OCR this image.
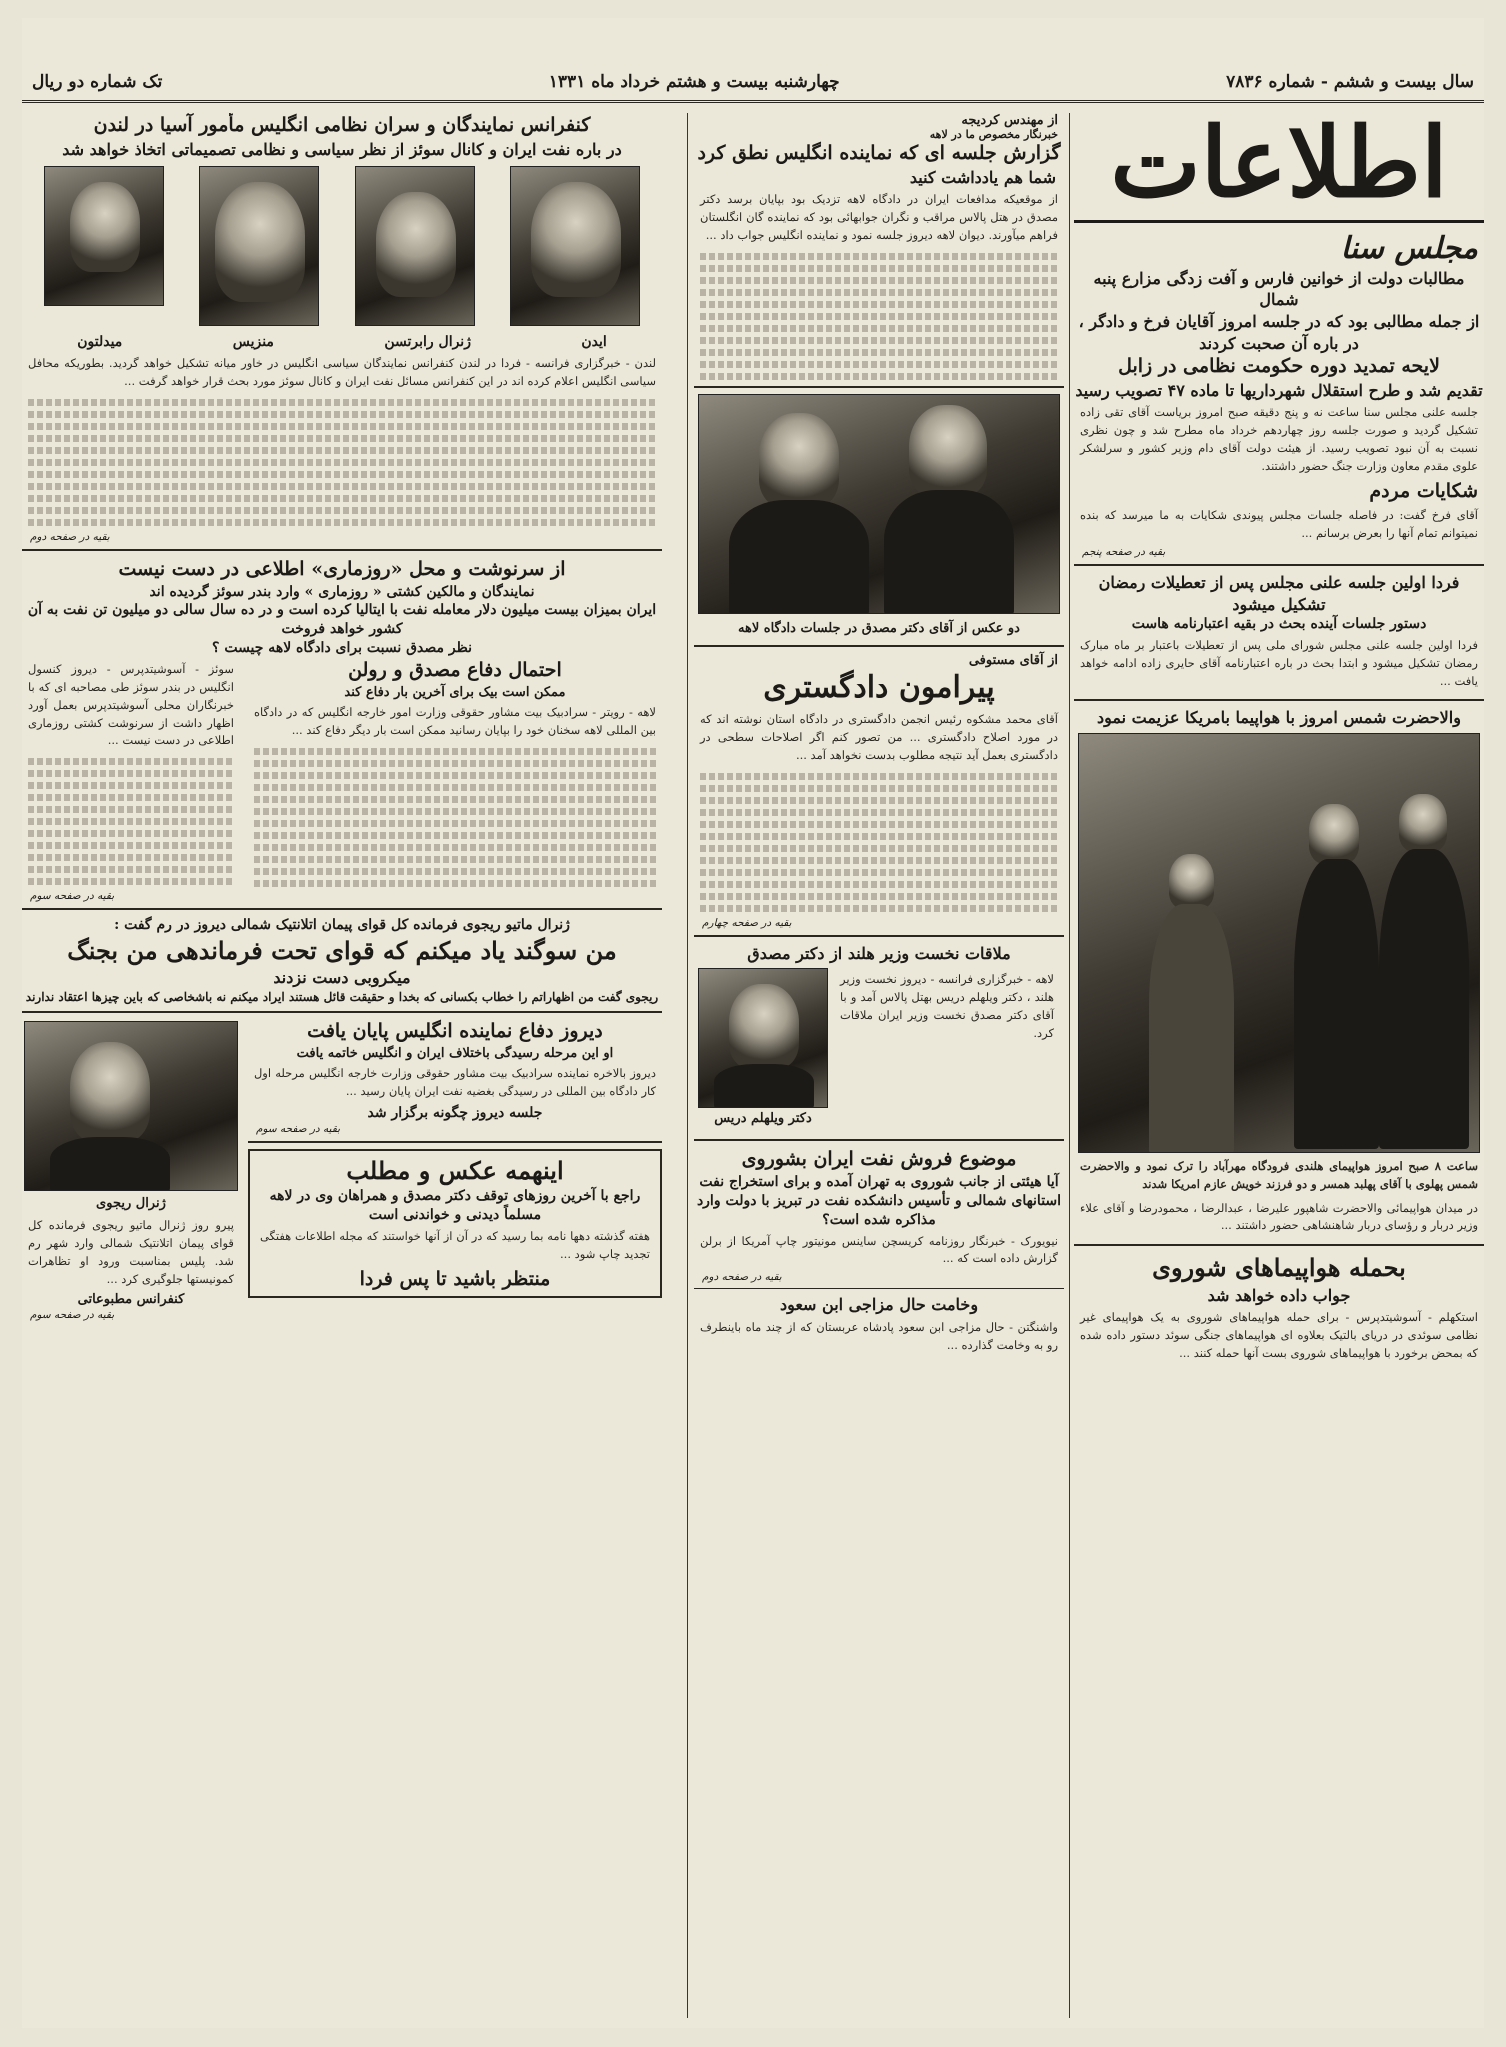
سال بیست و ششم - شماره ۷۸۳۶
چهارشنبه بیست و هشتم خرداد ماه ۱۳۳۱
تک شماره دو ریال
اطلاعات
مجلس سنا
مطالبات دولت از خوانین فارس و آفت زدگی مزارع پنبه شمال
از جمله مطالبی بود که در جلسه امروز آقایان فرخ و دادگر ، در باره آن صحبت کردند
لایحه تمدید دوره حکومت نظامی در زابل
تقدیم شد و طرح استقلال شهرداریها تا ماده ۴۷ تصویب رسید
جلسه علنی مجلس سنا ساعت نه و پنج دقیقه صبح امروز بریاست آقای تقی زاده تشکیل گردید و صورت جلسه روز چهاردهم خرداد ماه مطرح شد و چون نظری نسبت به آن نبود تصویب رسید. از هیئت دولت آقای دام وزیر کشور و سرلشکر علوی مقدم معاون وزارت جنگ حضور داشتند.
شکایات مردم
آقای فرخ گفت: در فاصله جلسات مجلس پیوندی شکایات به ما میرسد که بنده نمیتوانم تمام آنها را بعرض برسانم ...
بقیه در صفحه پنجم
فردا اولین جلسه علنی مجلس پس از تعطیلات رمضان تشکیل میشود
دستور جلسات آینده بحث در بقیه اعتبارنامه هاست
فردا اولین جلسه علنی مجلس شورای ملی پس از تعطیلات باعتبار بر ماه مبارک رمضان تشکیل میشود و ابتدا بحث در باره اعتبارنامه آقای حایری زاده ادامه خواهد یافت ...
والاحضرت شمس امروز با هواپیما بامریکا عزیمت نمود
ساعت ۸ صبح امروز هواپیمای هلندی فرودگاه مهرآباد را ترک نمود و والاحضرت شمس پهلوی با آقای پهلبد همسر و دو فرزند خویش عازم امریکا شدند
در میدان هواپیمائی والاحضرت شاهپور علیرضا ، عبدالرضا ، محمودرضا و آقای علاء وزیر دربار و رؤسای دربار شاهنشاهی حضور داشتند ...
بحمله هواپیماهای شوروی
جواب داده خواهد شد
استکهلم - آسوشیتدپرس - برای حمله هواپیماهای شوروی به یک هواپیمای غیر نظامی سوئدی در دریای بالتیک بعلاوه ای هواپیماهای جنگی سوئد دستور داده شده که بمحض برخورد با هواپیماهای شوروی بست آنها حمله کنند ...
از مهندس کردیجه
خبرنگار مخصوص ما در لاهه
گزارش جلسه ای که نماینده انگلیس نطق کرد
شما هم یادداشت کنید
از موقعیکه مدافعات ایران در دادگاه لاهه تزدیک بود بپایان برسد دکتر مصدق در هتل پالاس مراقب و نگران جوابهائی بود که نماینده گان انگلستان فراهم میآورند. دیوان لاهه دیروز جلسه نمود و نماینده انگلیس جواب داد ...
دو عکس از آقای دکتر مصدق در جلسات دادگاه لاهه
از آقای مستوفی
پیرامون دادگستری
آقای محمد مشکوه رئیس انجمن دادگستری در دادگاه استان نوشته اند که در مورد اصلاح دادگستری ... من تصور کنم اگر اصلاحات سطحی در دادگستری بعمل آید نتیجه مطلوب بدست نخواهد آمد ...
بقیه در صفحه چهارم
ملاقات نخست وزیر هلند از دکتر مصدق
لاهه - خبرگزاری فرانسه - دیروز نخست وزیر هلند ، دکتر ویلهلم دریس بهتل پالاس آمد و با آقای دکتر مصدق نخست وزیر ایران ملاقات کرد.
دکتر ویلهلم دریس
موضوع فروش نفت ایران بشوروی
آیا هیئتی از جانب شوروی به تهران آمده و برای استخراج نفت استانهای شمالی و تأسیس دانشکده نفت در تبریز با دولت وارد مذاکره شده است؟
نیویورک - خبرنگار روزنامه کریسچن ساینس مونیتور چاپ آمریکا از برلن گزارش داده است که ...
بقیه در صفحه دوم
وخامت حال مزاجی ابن سعود
واشنگتن - حال مزاجی ابن سعود پادشاه عربستان که از چند ماه باینطرف رو به وخامت گذارده ...
کنفرانس نمایندگان و سران نظامی انگلیس مأمور آسیا در لندن
در باره نفت ایران و کانال سوئز از نظر سیاسی و نظامی تصمیماتی اتخاذ خواهد شد
ایدن
ژنرال رابرتسن
منزیس
میدلتون
لندن - خبرگزاری فرانسه - فردا در لندن کنفرانس نمایندگان سیاسی انگلیس در خاور میانه تشکیل خواهد گردید. بطوریکه محافل سیاسی انگلیس اعلام کرده اند در این کنفرانس مسائل نفت ایران و کانال سوئز مورد بحث قرار خواهد گرفت ...
بقیه در صفحه دوم
از سرنوشت و محل «روزماری» اطلاعی در دست نیست
نمایندگان و مالکین کشتی « روزماری » وارد بندر سوئز گردیده اند
ایران بمیزان بیست میلیون دلار معامله نفت با ایتالیا کرده است و در ده سال سالی دو میلیون تن نفت به آن کشور خواهد فروخت
نظر مصدق نسبت برای دادگاه لاهه چیست ؟
احتمال دفاع مصدق و رولن
ممکن است بیک برای آخرین بار دفاع کند
لاهه - رویتر - سرادبیک بیت مشاور حقوقی وزارت امور خارجه انگلیس که در دادگاه بین المللی لاهه سخنان خود را بپایان رسانید ممکن است بار دیگر دفاع کند ...
سوئز - آسوشیتدپرس - دیروز کنسول انگلیس در بندر سوئز طی مصاحبه ای که با خبرنگاران محلی آسوشیتدپرس بعمل آورد اظهار داشت از سرنوشت کشتی روزماری اطلاعی در دست نیست ...
بقیه در صفحه سوم
ژنرال ماتیو ریجوی فرمانده کل قوای پیمان اتلانتیک شمالی دیروز در رم گفت :
من سوگند یاد میکنم که قوای تحت فرماندهی من بجنگ
میکروبی دست نزدند
ریجوی گفت من اظهاراتم را خطاب بکسانی که بخدا و حقیقت قائل هستند ایراد میکنم نه باشخاصی که باین چیزها اعتقاد ندارند
دیروز دفاع نماینده انگلیس پایان یافت
او این مرحله رسیدگی باختلاف ایران و انگلیس خاتمه یافت
دیروز بالاخره نماینده سرادبیک بیت مشاور حقوقی وزارت خارجه انگلیس مرحله اول کار دادگاه بین المللی در رسیدگی بغضیه نفت ایران پایان رسید ...
جلسه دیروز چگونه برگزار شد
بقیه در صفحه سوم
اینهمه عکس و مطلب
راجع با آخرین روزهای توقف دکتر مصدق و همراهان وی در لاهه مسلماً دیدنی و خواندنی است
هفته گذشته دهها نامه بما رسید که در آن از آنها خواستند که مجله اطلاعات هفتگی تجدید چاپ شود ...
منتظر باشید تا پس فردا
ژنرال ریجوی
پیرو روز ژنرال ماتیو ریجوی فرمانده کل قوای پیمان اتلانتیک شمالی وارد شهر رم شد. پلیس بمناسبت ورود او تظاهرات کمونیستها جلوگیری کرد ...
کنفرانس مطبوعاتی
بقیه در صفحه سوم
